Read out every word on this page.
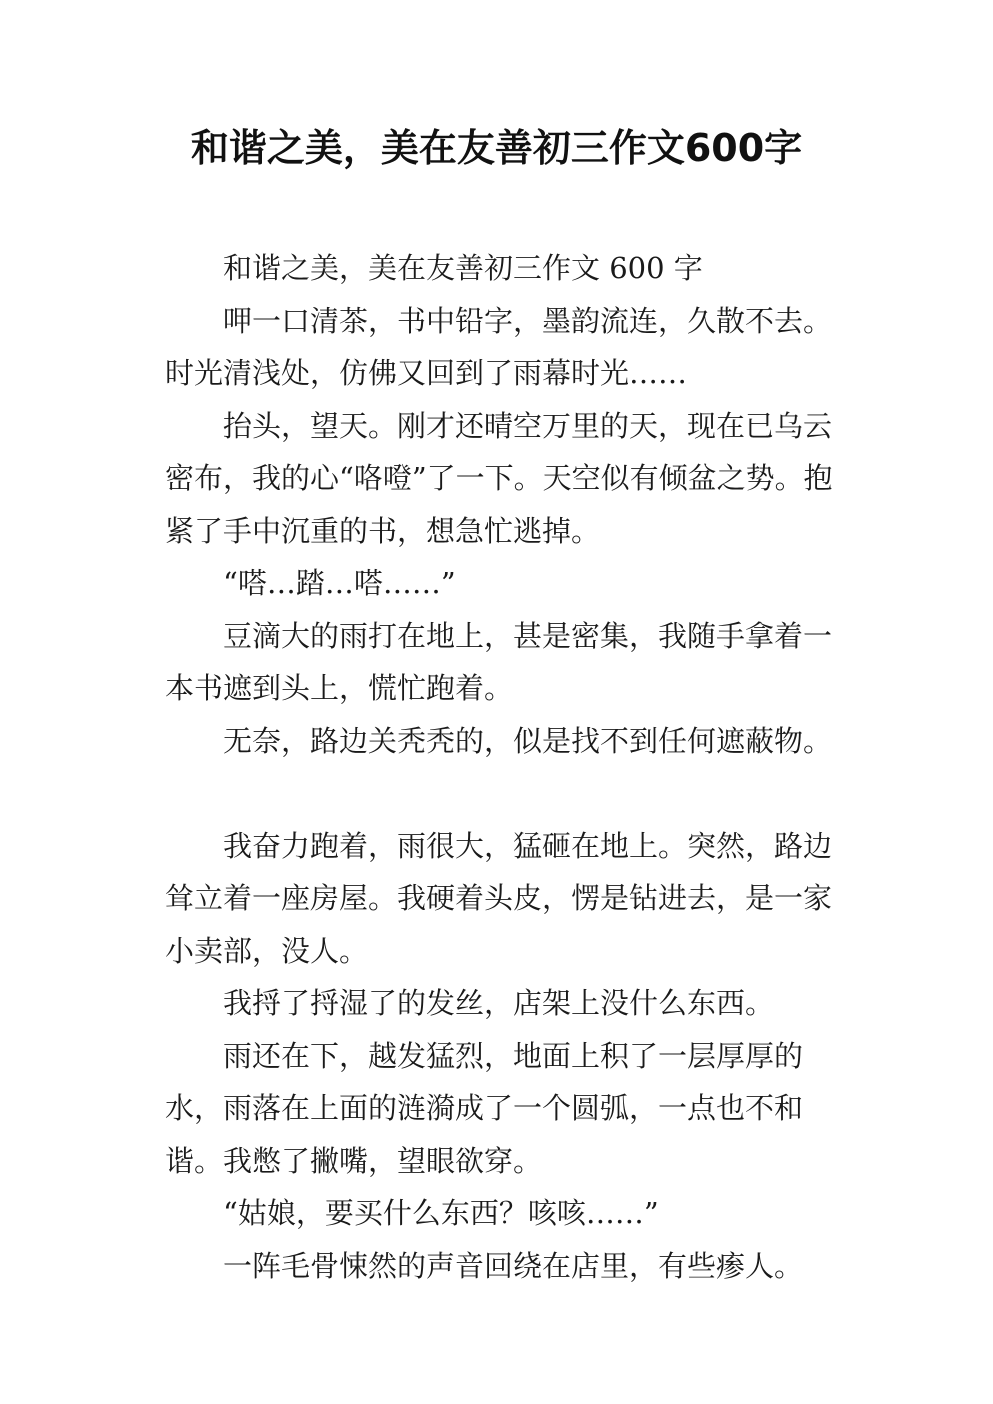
和谐之美，美在友善初三作文600字

和谐之美，美在友善初三作文 600 字

呷一口清茶，书中铅字，墨韵流连，久散不去。时光清浅处，仿佛又回到了雨幕时光……

抬头，望天。刚才还晴空万里的天，现在已乌云密布，我的心“咯噔”了一下。天空似有倾盆之势。抱紧了手中沉重的书，想急忙逃掉。

“嗒…踏…嗒……”

豆滴大的雨打在地上，甚是密集，我随手拿着一本书遮到头上，慌忙跑着。

无奈，路边关秃秃的，似是找不到任何遮蔽物。

我奋力跑着，雨很大，猛砸在地上。突然，路边耸立着一座房屋。我硬着头皮，愣是钻进去，是一家小卖部，没人。

我捋了捋湿了的发丝，店架上没什么东西。

雨还在下，越发猛烈，地面上积了一层厚厚的水，雨落在上面的涟漪成了一个圆弧，一点也不和谐。我憋了撇嘴，望眼欲穿。

“姑娘，要买什么东西？咳咳……”

一阵毛骨悚然的声音回绕在店里，有些瘆人。
